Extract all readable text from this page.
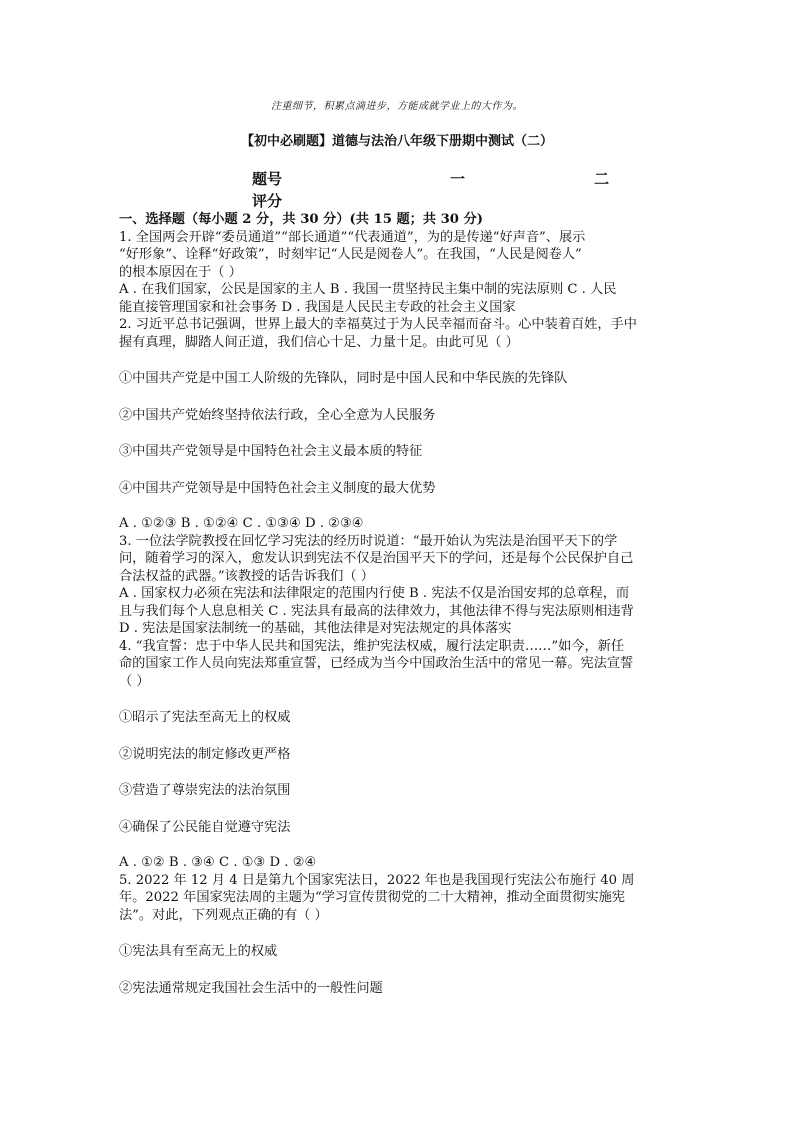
注重细节，积累点滴进步，方能成就学业上的大作为。
【初中必刷题】道德与法治八年级下册期中测试（二）
题号	一	二
评分
一、选择题（每小题 2 分，共 30 分）(共 15 题；共 30 分)
1. 全国两会开辟“委员通道”“部长通道”“代表通道”，为的是传递“好声音”、展示
“好形象”、诠释“好政策”，时刻牢记“人民是阅卷人”。在我国，“人民是阅卷人”
的根本原因在于（ ）
A . 在我们国家，公民是国家的主人 B . 我国一贯坚持民主集中制的宪法原则 C . 人民
能直接管理国家和社会事务 D . 我国是人民民主专政的社会主义国家
2. 习近平总书记强调，世界上最大的幸福莫过于为人民幸福而奋斗。心中装着百姓，手中
握有真理，脚踏人间正道，我们信心十足、力量十足。由此可见（ ）
①中国共产党是中国工人阶级的先锋队，同时是中国人民和中华民族的先锋队
②中国共产党始终坚持依法行政，全心全意为人民服务
③中国共产党领导是中国特色社会主义最本质的特征
④中国共产党领导是中国特色社会主义制度的最大优势
A . ①②③ B . ①②④ C . ①③④ D . ②③④
3. 一位法学院教授在回忆学习宪法的经历时说道：“最开始认为宪法是治国平天下的学
问，随着学习的深入，愈发认识到宪法不仅是治国平天下的学问，还是每个公民保护自己
合法权益的武器。”该教授的话告诉我们（ ）
A . 国家权力必须在宪法和法律限定的范围内行使 B . 宪法不仅是治国安邦的总章程，而
且与我们每个人息息相关 C . 宪法具有最高的法律效力，其他法律不得与宪法原则相违背
D . 宪法是国家法制统一的基础，其他法律是对宪法规定的具体落实
4. “我宣誓：忠于中华人民共和国宪法，维护宪法权威，履行法定职责……”如今，新任
命的国家工作人员向宪法郑重宣誓，已经成为当今中国政治生活中的常见一幕。宪法宣誓
（ ）
①昭示了宪法至高无上的权威
②说明宪法的制定修改更严格
③营造了尊崇宪法的法治氛围
④确保了公民能自觉遵守宪法
A . ①② B . ③④ C . ①③ D . ②④
5. 2022 年 12 月 4 日是第九个国家宪法日，2022 年也是我国现行宪法公布施行 40 周
年。2022 年国家宪法周的主题为“学习宣传贯彻党的二十大精神，推动全面贯彻实施宪
法”。对此，下列观点正确的有（ ）
①宪法具有至高无上的权威
②宪法通常规定我国社会生活中的一般性问题
